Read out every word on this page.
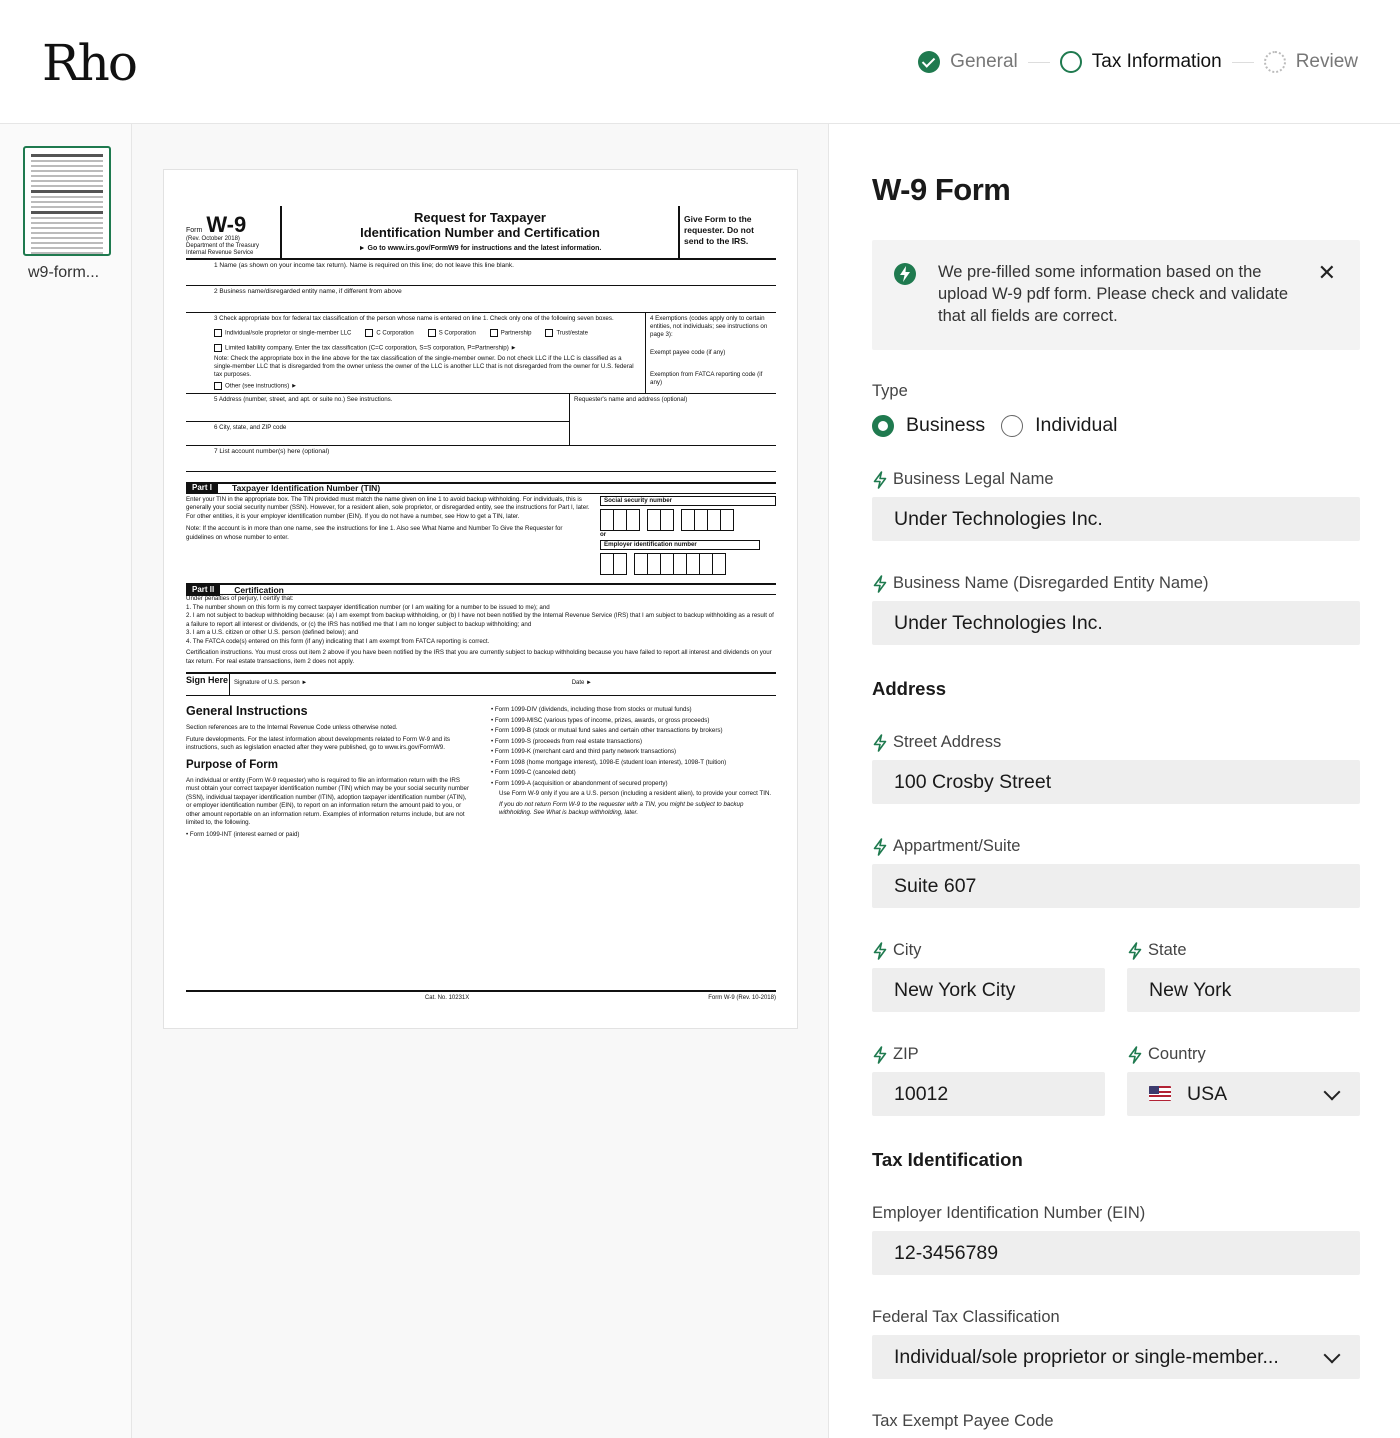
Rho	General	Tax Information	Review
w9-form...
Form W-9
(Rev. October 2018)
Department of the Treasury
Internal Revenue Service
Request for Taxpayer
Identification Number and Certification
► Go to www.irs.gov/FormW9 for instructions and the latest information.
Give Form to the requester. Do not send to the IRS.
1 Name (as shown on your income tax return). Name is required on this line; do not leave this line blank.
2 Business name/disregarded entity name, if different from above
3 Check appropriate box for federal tax classification of the person whose name is entered on line 1. Check only one of the following seven boxes.
Individual/sole proprietor or single-member LLC	C Corporation	S Corporation	Partnership	Trust/estate
Limited liability company. Enter the tax classification (C=C corporation, S=S corporation, P=Partnership) ►
Note: Check the appropriate box in the line above for the tax classification of the single-member owner. Do not check LLC if the LLC is classified as a single-member LLC that is disregarded from the owner unless the owner of the LLC is another LLC that is not disregarded from the owner for U.S. federal tax purposes.
Other (see instructions) ►
4 Exemptions (codes apply only to certain entities, not individuals; see instructions on page 3):
Exempt payee code (if any)
Exemption from FATCA reporting code (if any)
5 Address (number, street, and apt. or suite no.) See instructions.
6 City, state, and ZIP code
Requester's name and address (optional)
7 List account number(s) here (optional)
Part I	Taxpayer Identification Number (TIN)
Enter your TIN in the appropriate box. The TIN provided must match the name given on line 1 to avoid backup withholding. For individuals, this is generally your social security number (SSN). However, for a resident alien, sole proprietor, or disregarded entity, see the instructions for Part I, later. For other entities, it is your employer identification number (EIN). If you do not have a number, see How to get a TIN, later.
Note: If the account is in more than one name, see the instructions for line 1. Also see What Name and Number To Give the Requester for guidelines on whose number to enter.
Social security number
or
Employer identification number
Part II	Certification
Under penalties of perjury, I certify that:
1. The number shown on this form is my correct taxpayer identification number (or I am waiting for a number to be issued to me); and
2. I am not subject to backup withholding because: (a) I am exempt from backup withholding, or (b) I have not been notified by the Internal Revenue Service (IRS) that I am subject to backup withholding as a result of a failure to report all interest or dividends, or (c) the IRS has notified me that I am no longer subject to backup withholding; and
3. I am a U.S. citizen or other U.S. person (defined below); and
4. The FATCA code(s) entered on this form (if any) indicating that I am exempt from FATCA reporting is correct.
Certification instructions. You must cross out item 2 above if you have been notified by the IRS that you are currently subject to backup withholding because you have failed to report all interest and dividends on your tax return. For real estate transactions, item 2 does not apply.
Sign Here Signature of U.S. person ►	Date ►
General Instructions
Section references are to the Internal Revenue Code unless otherwise noted.
Future developments. For the latest information about developments related to Form W-9 and its instructions, such as legislation enacted after they were published, go to www.irs.gov/FormW9.
Purpose of Form
An individual or entity (Form W-9 requester) who is required to file an information return with the IRS must obtain your correct taxpayer identification number (TIN) which may be your social security number (SSN), individual taxpayer identification number (ITIN), adoption taxpayer identification number (ATIN), or employer identification number (EIN), to report on an information return the amount paid to you, or other amount reportable on an information return. Examples of information returns include, but are not limited to, the following.
• Form 1099-INT (interest earned or paid)
• Form 1099-DIV (dividends, including those from stocks or mutual funds)
• Form 1099-MISC (various types of income, prizes, awards, or gross proceeds)
• Form 1099-B (stock or mutual fund sales and certain other transactions by brokers)
• Form 1099-S (proceeds from real estate transactions)
• Form 1099-K (merchant card and third party network transactions)
• Form 1098 (home mortgage interest), 1098-E (student loan interest), 1098-T (tuition)
• Form 1099-C (canceled debt)
• Form 1099-A (acquisition or abandonment of secured property)
Use Form W-9 only if you are a U.S. person (including a resident alien), to provide your correct TIN.
If you do not return Form W-9 to the requester with a TIN, you might be subject to backup withholding. See What is backup withholding, later.
Cat. No. 10231X	Form W-9 (Rev. 10-2018)
W-9 Form
We pre-filled some information based on the upload W-9 pdf form. Please check and validate that all fields are correct.
✕
Type
Business	Individual
Business Legal Name
Under Technologies Inc.
Business Name (Disregarded Entity Name)
Under Technologies Inc.
Address
Street Address
100 Crosby Street
Appartment/Suite
Suite 607
City
New York City
State
New York
ZIP
10012
Country
USA
Tax Identification
Employer Identification Number (EIN)
12-3456789
Federal Tax Classification
Individual/sole proprietor or single-member...
Tax Exempt Payee Code
